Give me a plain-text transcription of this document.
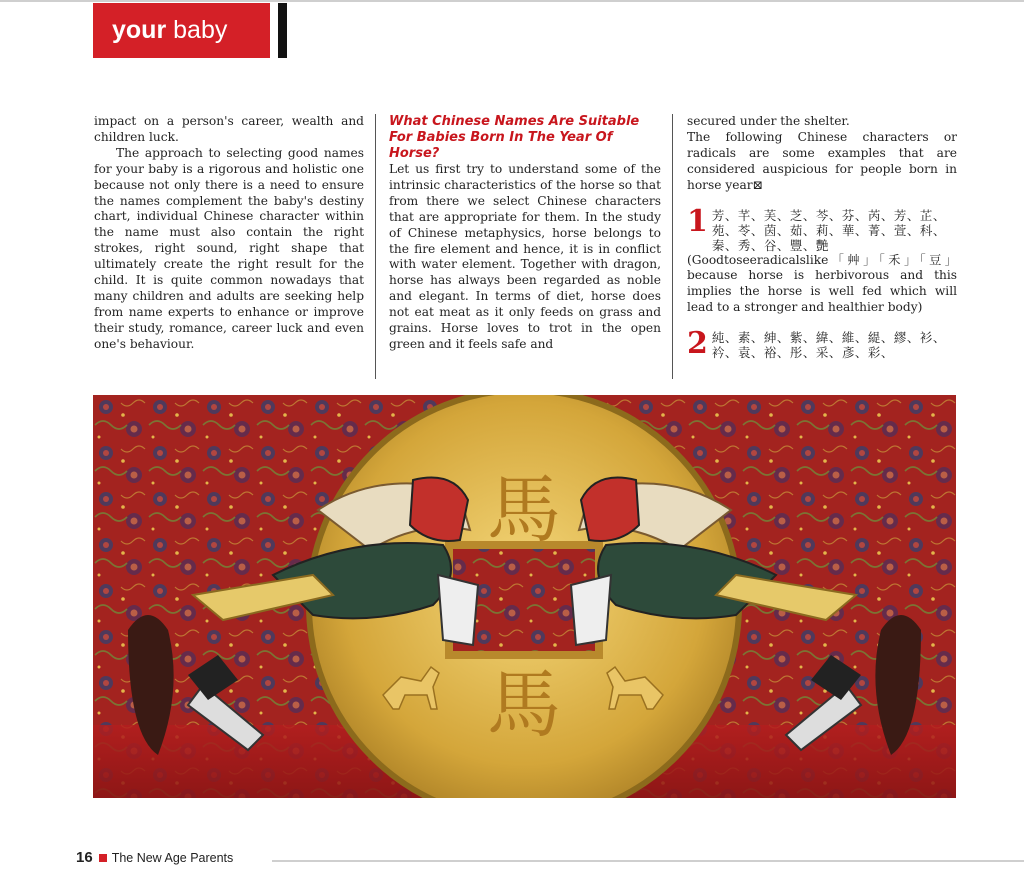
your baby

impact on a person's career, wealth and children luck.

The approach to selecting good names for your baby is a rigorous and holistic one because not only there is a need to ensure the names complement the baby's destiny chart, individual Chinese character within the name must also contain the right strokes, right sound, right shape that ultimately create the right result for the child. It is quite common nowadays that many children and adults are seeking help from name experts to enhance or improve their study, romance, career luck and even one's behaviour.

What Chinese Names Are Suitable For Babies Born In The Year Of Horse?

Let us first try to understand some of the intrinsic characteristics of the horse so that from there we select Chinese characters that are appropriate for them. In the study of Chinese metaphysics, horse belongs to the fire element and hence, it is in conflict with water element. Together with dragon, horse has always been regarded as noble and elegant. In terms of diet, horse does not eat meat as it only feeds on grass and grains. Horse loves to trot in the open green and it feels safe and

secured under the shelter.

The following Chinese characters or radicals are some examples that are considered auspicious for people born in horse year⊠

1 芳、芊、芙、芝、芩、芬、芮、芳、芷、苑、苓、茵、茹、莉、華、菁、萱、科、秦、秀、谷、豐、艷

(Goodtoseeradicalslike「艸」「禾」「豆」because horse is herbivorous and this implies the horse is well fed which will lead to a stronger and healthier body)

2 純、素、紳、紫、緯、維、緹、繆、衫、衿、袁、裕、彤、采、彥、彩、
馬
馬
16 The New Age Parents
